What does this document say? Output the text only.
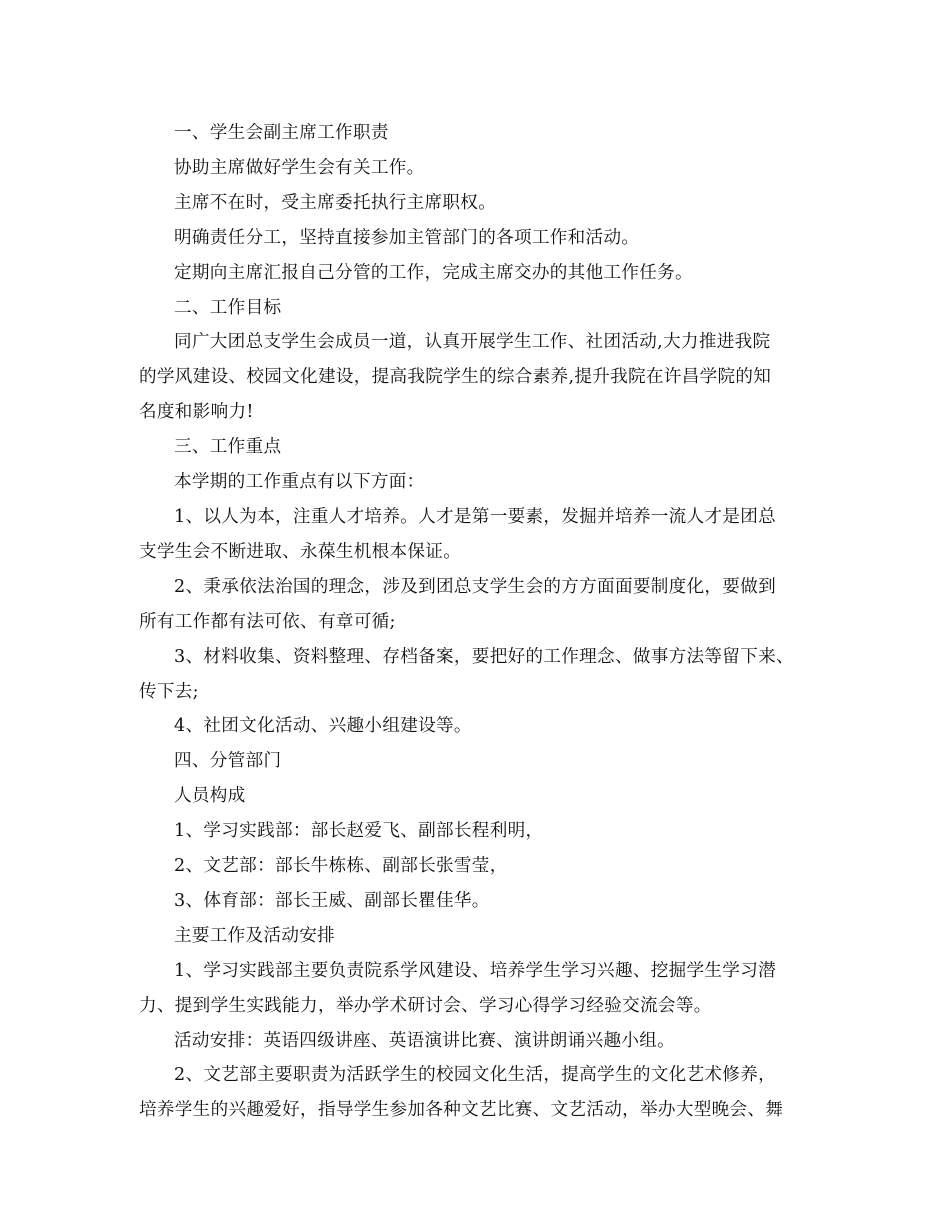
一、学生会副主席工作职责
协助主席做好学生会有关工作。
主席不在时，受主席委托执行主席职权。
明确责任分工，坚持直接参加主管部门的各项工作和活动。
定期向主席汇报自己分管的工作，完成主席交办的其他工作任务。
二、工作目标
同广大团总支学生会成员一道，认真开展学生工作、社团活动,大力推进我院
的学风建设、校园文化建设，提高我院学生的综合素养,提升我院在许昌学院的知
名度和影响力!
三、工作重点
本学期的工作重点有以下方面：
1、以人为本，注重人才培养。人才是第一要素，发掘并培养一流人才是团总
支学生会不断进取、永葆生机根本保证。
2、秉承依法治国的理念，涉及到团总支学生会的方方面面要制度化，要做到
所有工作都有法可依、有章可循;
3、材料收集、资料整理、存档备案，要把好的工作理念、做事方法等留下来、
传下去;
4、社团文化活动、兴趣小组建设等。
四、分管部门
人员构成
1、学习实践部：部长赵爱飞、副部长程利明，
2、文艺部：部长牛栋栋、副部长张雪莹，
3、体育部：部长王威、副部长瞿佳华。
主要工作及活动安排
1、学习实践部主要负责院系学风建设、培养学生学习兴趣、挖掘学生学习潜
力、提到学生实践能力，举办学术研讨会、学习心得学习经验交流会等。
活动安排：英语四级讲座、英语演讲比赛、演讲朗诵兴趣小组。
2、文艺部主要职责为活跃学生的校园文化生活，提高学生的文化艺术修养，
培养学生的兴趣爱好，指导学生参加各种文艺比赛、文艺活动，举办大型晚会、舞
